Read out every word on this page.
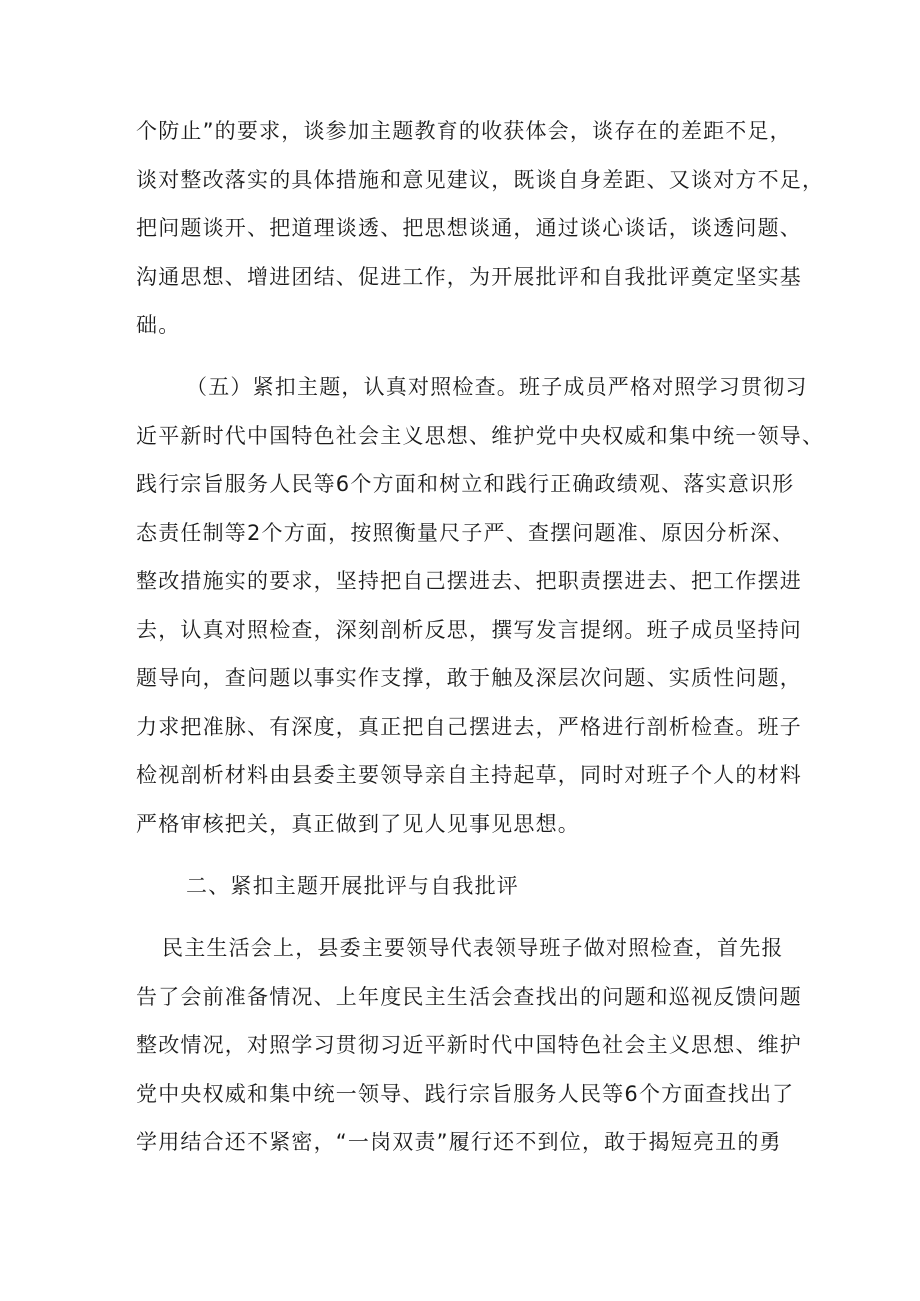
个防止”的要求，谈参加主题教育的收获体会，谈存在的差距不足，
谈对整改落实的具体措施和意见建议，既谈自身差距、又谈对方不足，
把问题谈开、把道理谈透、把思想谈通，通过谈心谈话，谈透问题、
沟通思想、增进团结、促进工作，为开展批评和自我批评奠定坚实基
础。
（五）紧扣主题，认真对照检查。班子成员严格对照学习贯彻习
近平新时代中国特色社会主义思想、维护党中央权威和集中统一领导、
践行宗旨服务人民等6个方面和树立和践行正确政绩观、落实意识形
态责任制等2个方面，按照衡量尺子严、查摆问题准、原因分析深、
整改措施实的要求，坚持把自己摆进去、把职责摆进去、把工作摆进
去，认真对照检查，深刻剖析反思，撰写发言提纲。班子成员坚持问
题导向，查问题以事实作支撑，敢于触及深层次问题、实质性问题，
力求把准脉、有深度，真正把自己摆进去，严格进行剖析检查。班子
检视剖析材料由县委主要领导亲自主持起草，同时对班子个人的材料
严格审核把关，真正做到了见人见事见思想。
二、紧扣主题开展批评与自我批评
民主生活会上，县委主要领导代表领导班子做对照检查，首先报
告了会前准备情况、上年度民主生活会查找出的问题和巡视反馈问题
整改情况，对照学习贯彻习近平新时代中国特色社会主义思想、维护
党中央权威和集中统一领导、践行宗旨服务人民等6个方面查找出了
学用结合还不紧密，“一岗双责”履行还不到位，敢于揭短亮丑的勇
